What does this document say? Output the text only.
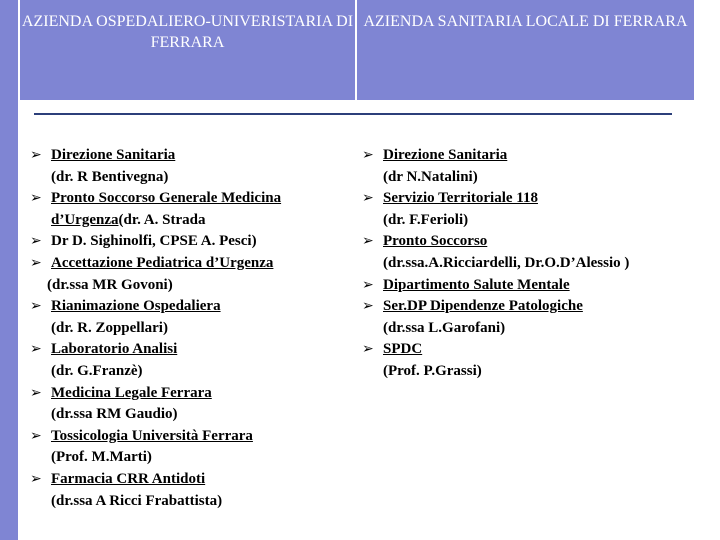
AZIENDA OSPEDALIERO-UNIVERISTARIA DI FERRARA
AZIENDA SANITARIA LOCALE DI FERRARA
➢ Direzione Sanitaria
(dr. R Bentivegna)
➢ Pronto Soccorso Generale Medicina d’Urgenza(dr. A. Strada
➢ Dr D. Sighinolfi, CPSE A. Pesci)
➢ Accettazione Pediatrica d’Urgenza
(dr.ssa MR Govoni)
➢ Rianimazione Ospedaliera
(dr. R. Zoppellari)
➢ Laboratorio Analisi
(dr. G.Franzè)
➢ Medicina Legale Ferrara
(dr.ssa RM Gaudio)
➢ Tossicologia Università Ferrara
(Prof. M.Marti)
➢ Farmacia CRR Antidoti
(dr.ssa A Ricci Frabattista)
➢ Direzione Sanitaria
(dr N.Natalini)
➢ Servizio Territoriale 118
(dr. F.Ferioli)
➢ Pronto Soccorso
(dr.ssa.A.Ricciardelli, Dr.O.D’Alessio )
➢ Dipartimento Salute Mentale
➢ Ser.DP Dipendenze Patologiche
(dr.ssa L.Garofani)
➢ SPDC
(Prof. P.Grassi)
